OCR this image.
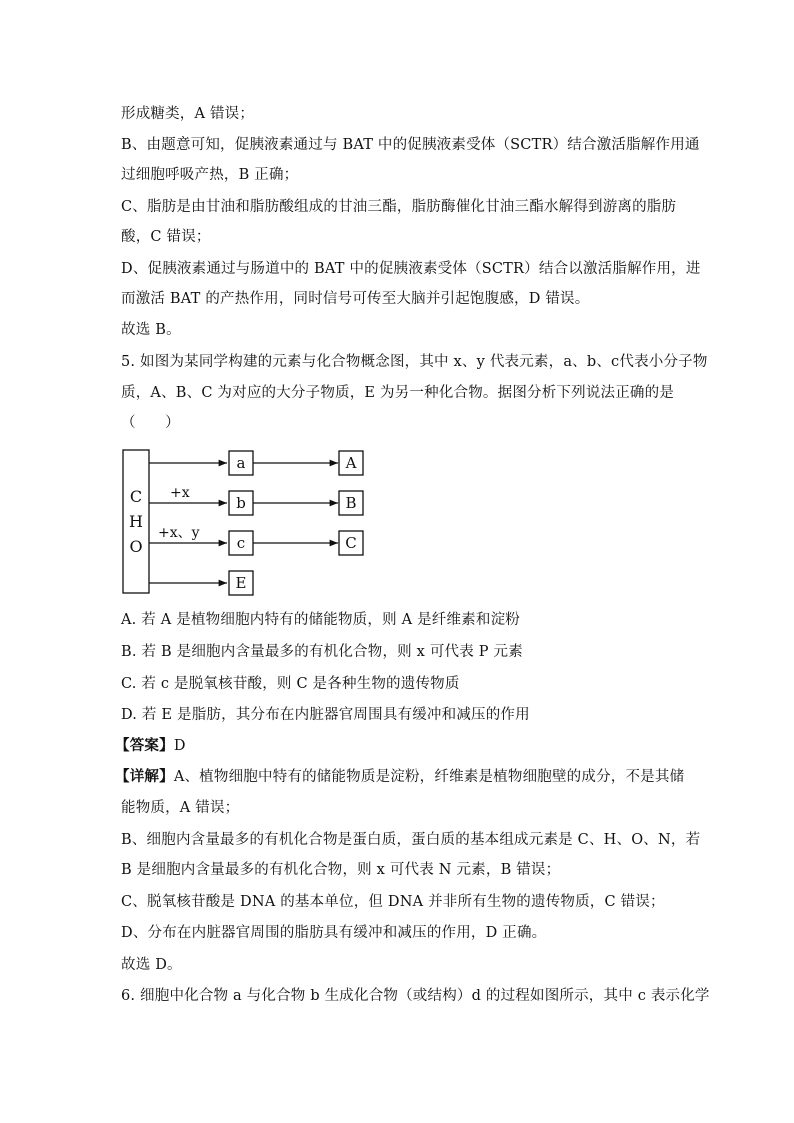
形成糖类，A 错误；
B、由题意可知，促胰液素通过与 BAT 中的促胰液素受体（SCTR）结合激活脂解作用通
过细胞呼吸产热，B 正确；
C、脂肪是由甘油和脂肪酸组成的甘油三酯，脂肪酶催化甘油三酯水解得到游离的脂肪
酸，C 错误；
D、促胰液素通过与肠道中的 BAT 中的促胰液素受体（SCTR）结合以激活脂解作用，进
而激活 BAT 的产热作用，同时信号可传至大脑并引起饱腹感，D 错误。
故选 B。
5. 如图为某同学构建的元素与化合物概念图，其中 x、y 代表元素，a、b、c代表小分子物
质，A、B、C 为对应的大分子物质，E 为另一种化合物。据图分析下列说法正确的是
（　　）
C
H
O
a	A
+x
b	B
+x、y
c	C
E
A. 若 A 是植物细胞内特有的储能物质，则 A 是纤维素和淀粉
B. 若 B 是细胞内含量最多的有机化合物，则 x 可代表 P 元素
C. 若 c 是脱氧核苷酸，则 C 是各种生物的遗传物质
D. 若 E 是脂肪，其分布在内脏器官周围具有缓冲和减压的作用
【答案】D
【详解】A、植物细胞中特有的储能物质是淀粉，纤维素是植物细胞壁的成分，不是其储
能物质，A 错误；
B、细胞内含量最多的有机化合物是蛋白质，蛋白质的基本组成元素是 C、H、O、N，若
B 是细胞内含量最多的有机化合物，则 x 可代表 N 元素，B 错误；
C、脱氧核苷酸是 DNA 的基本单位，但 DNA 并非所有生物的遗传物质，C 错误；
D、分布在内脏器官周围的脂肪具有缓冲和减压的作用，D 正确。
故选 D。
6. 细胞中化合物 a 与化合物 b 生成化合物（或结构）d 的过程如图所示，其中 c 表示化学
